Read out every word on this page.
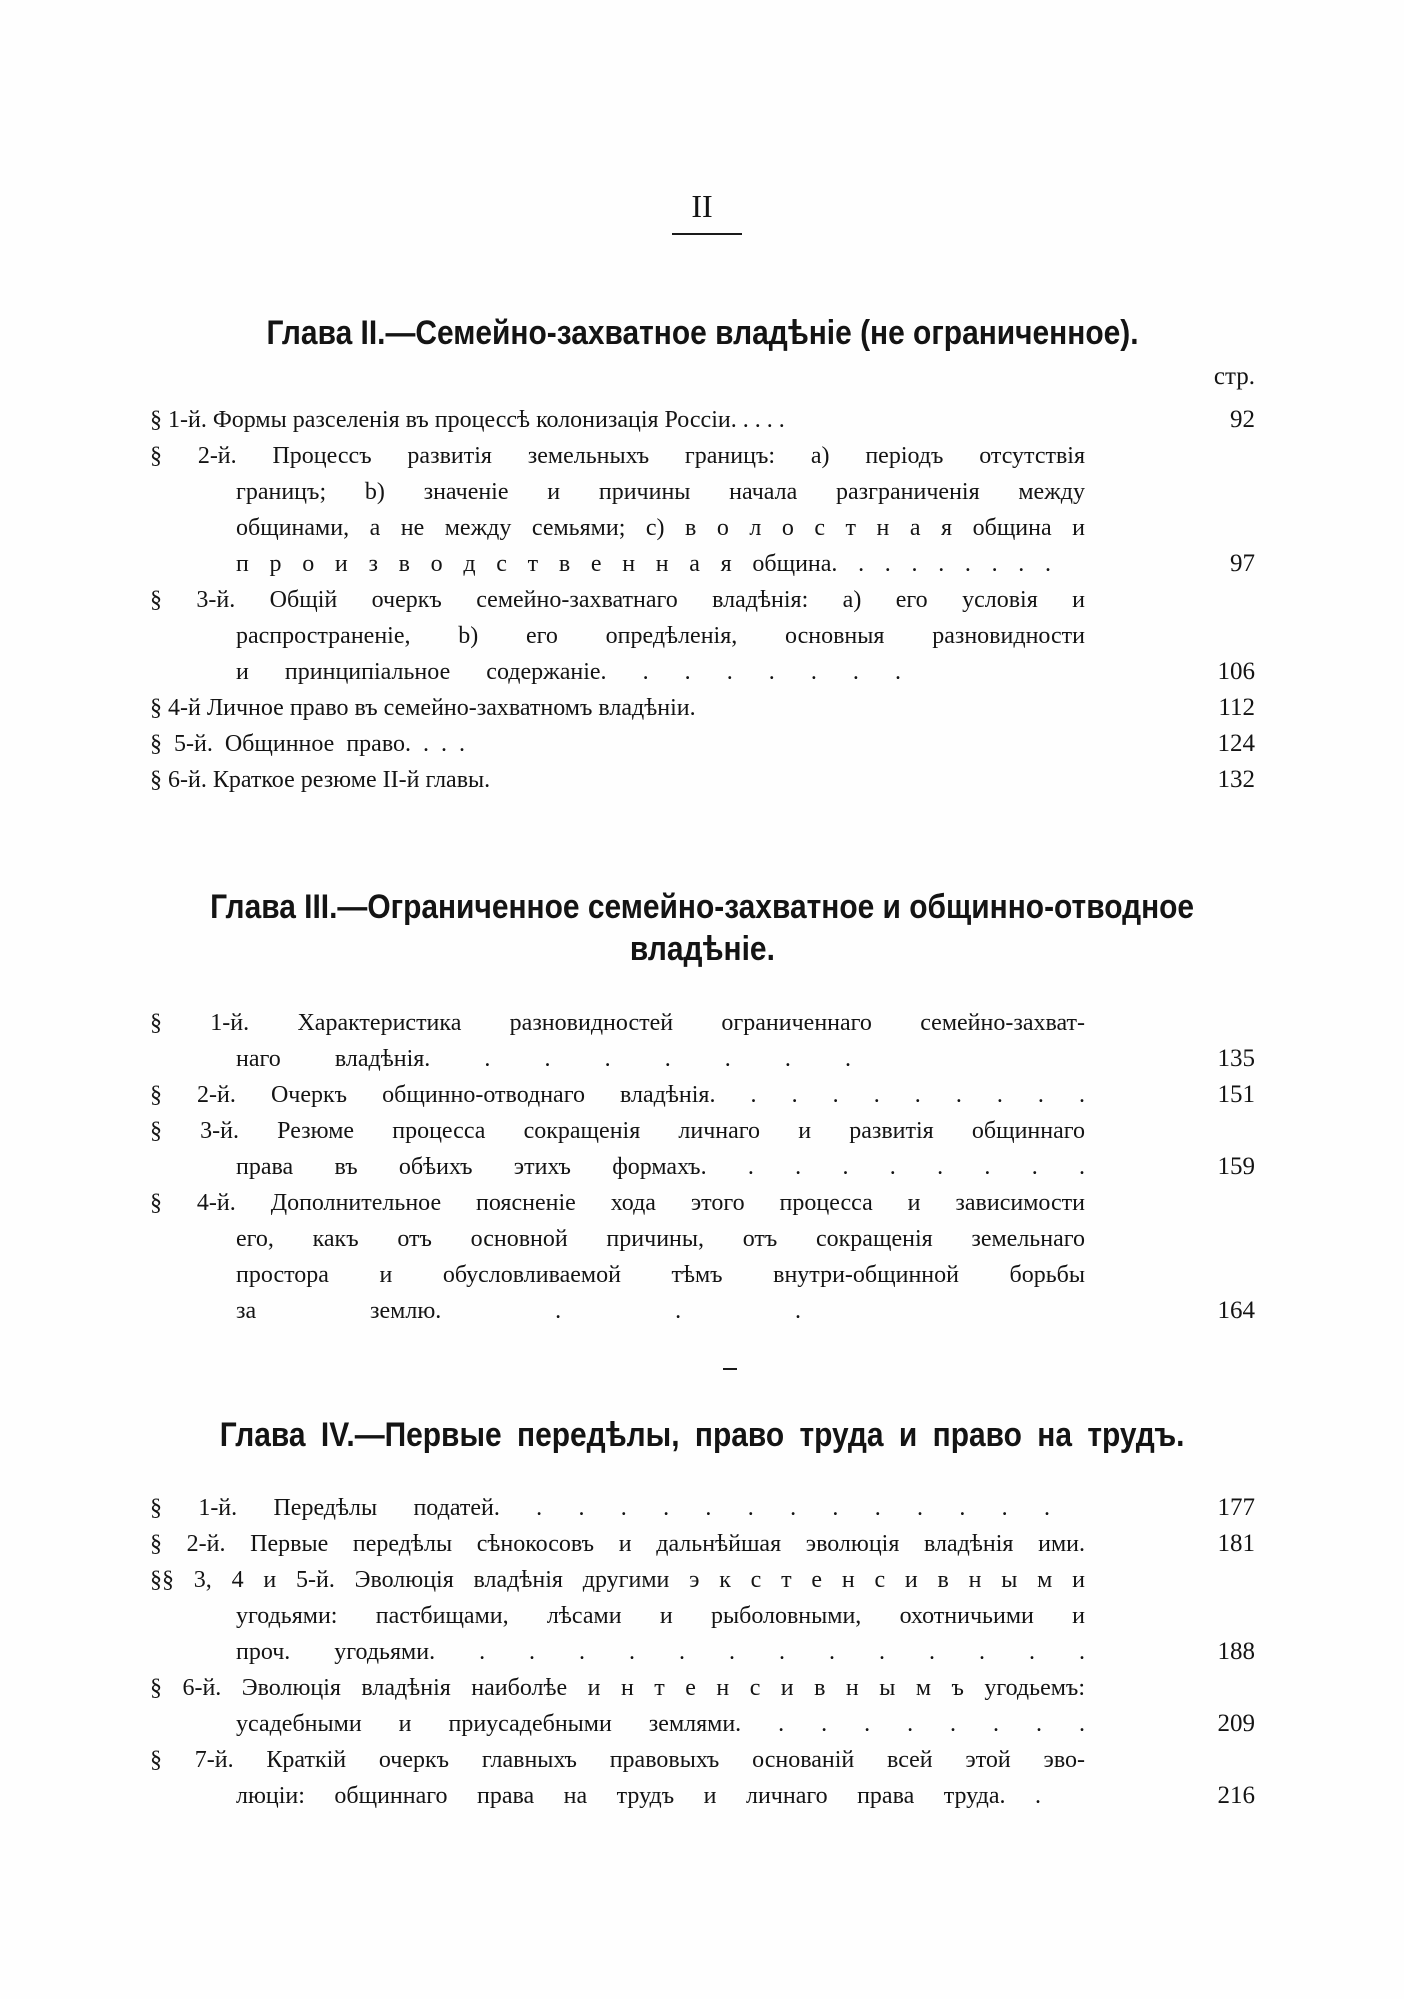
II
Глава II.—Семейно-захватное владѣніе (не ограниченное).
стр.
§ 1-й. Формы разселенія въ процессѣ колонизація Россіи. . . . .	92
§ 2-й. Процессъ развитія земельныхъ границъ: a) періодъ отсутствія
границъ; b) значеніе и причины начала разграниченія между
общинами, а не между семьями; c) в о л о с т н а я община и
п р о и з в о д с т в е н н а я община. . . . . . . . .	97
§ 3-й. Общій очеркъ семейно-захватнаго владѣнія: a) его условія и
распространеніе, b) его опредѣленія, основныя разновидности
и принципіальное содержаніе. . . . . . . .	106
§ 4-й Личное право въ семейно-захватномъ владѣніи.	112
§ 5-й. Общинное право. . . .	124
§ 6-й. Краткое резюме II-й главы.	132
Глава III.—Ограниченное семейно-захватное и общинно-отводное
владѣніе.
§ 1-й. Характеристика разновидностей ограниченнаго семейно-захват-
наго владѣнія. . . . . . . .	135
§ 2-й. Очеркъ общинно-отводнаго владѣнія. . . . . . . . . .	151
§ 3-й. Резюме процесса сокращенія личнаго и развитія общиннаго
права въ обѣихъ этихъ формахъ. . . . . . . . .	159
§ 4-й. Дополнительное поясненіе хода этого процесса и зависимости
его, какъ отъ основной причины, отъ сокращенія земельнаго
простора и обусловливаемой тѣмъ внутри-общинной борьбы
за землю. . . .	164
Глава IV.—Первые передѣлы, право труда и право на трудъ.
§ 1-й. Передѣлы податей. . . . . . . . . . . . . .	177
§ 2-й. Первые передѣлы сѣнокосовъ и дальнѣйшая эволюція владѣнія ими.	181
§§ 3, 4 и 5-й. Эволюція владѣнія другими э к с т е н с и в н ы м и
угодьями: пастбищами, лѣсами и рыболовными, охотничьими и
проч. угодьями. . . . . . . . . . . . . .	188
§ 6-й. Эволюція владѣнія наиболѣе и н т е н с и в н ы м ъ угодьемъ:
усадебными и приусадебными землями. . . . . . . . .	209
§ 7-й. Краткій очеркъ главныхъ правовыхъ основаній всей этой эво-
люціи: общиннаго права на трудъ и личнаго права труда. .	216
